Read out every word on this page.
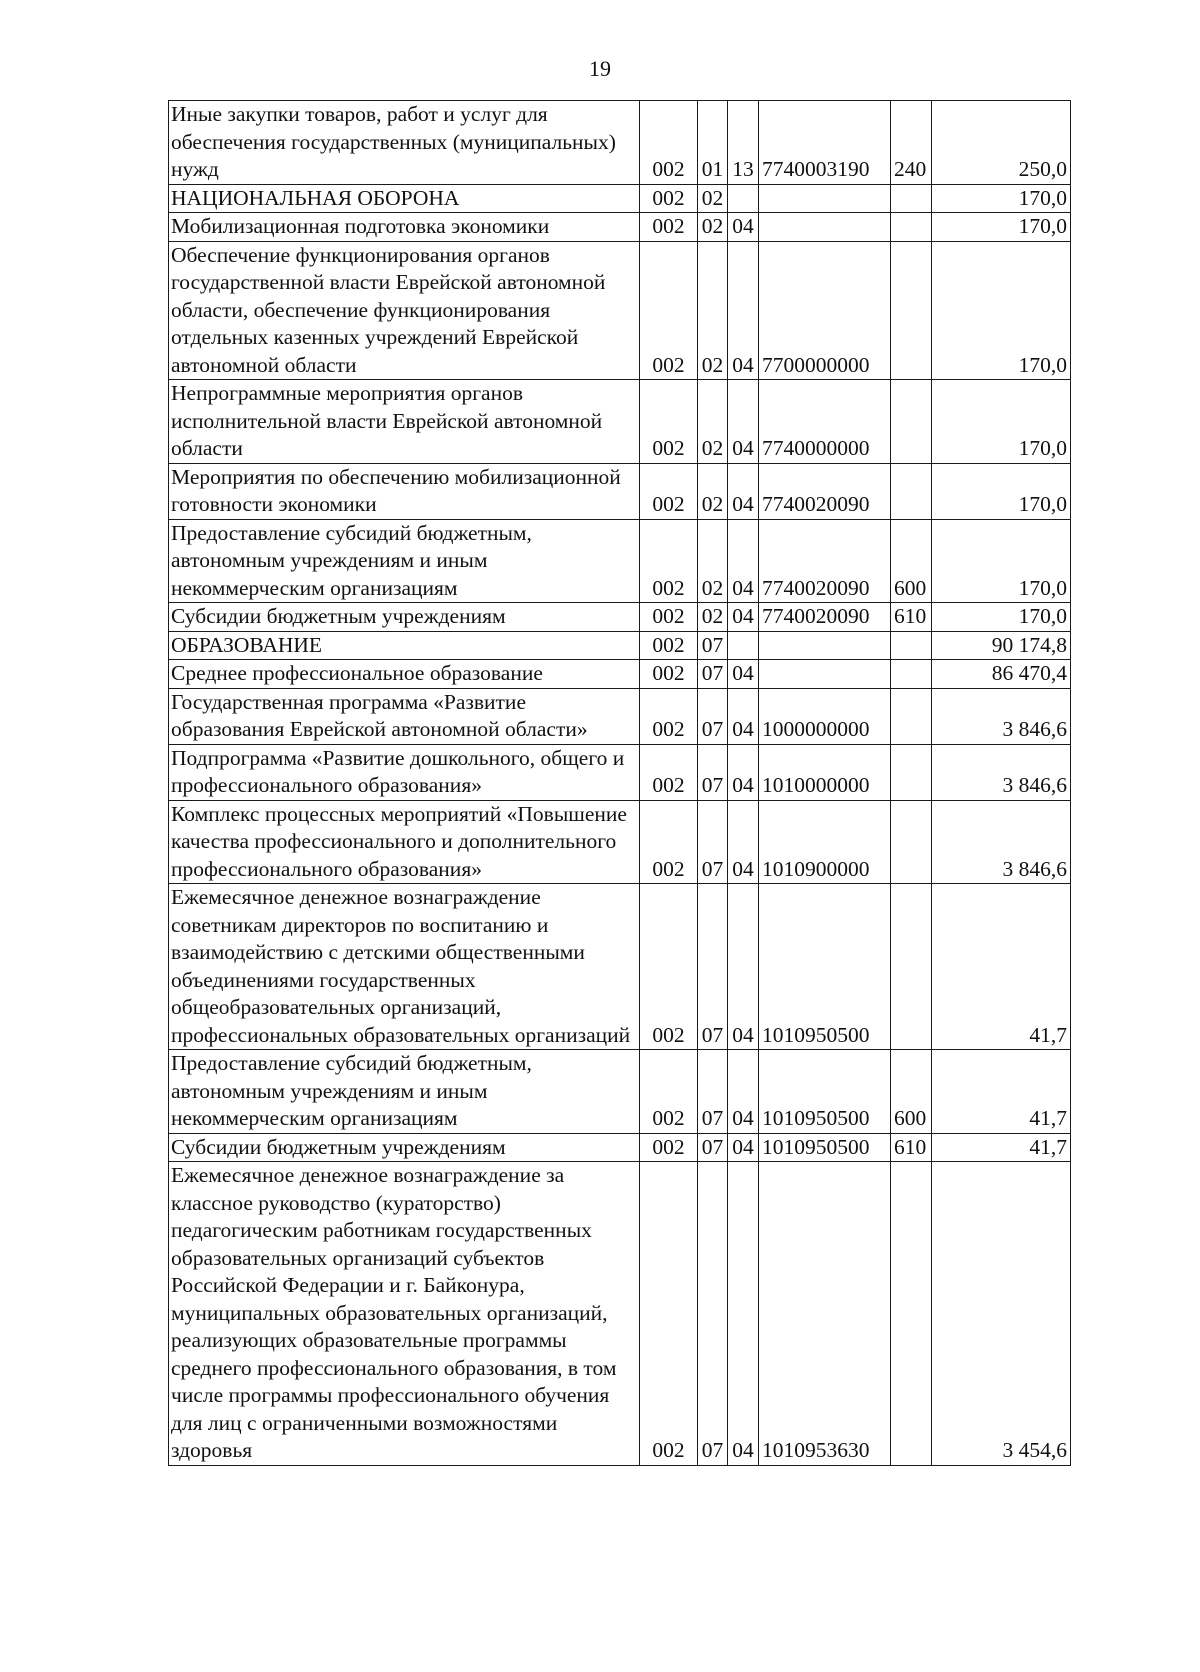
19
Иные закупки товаров, работ и услуг для обеспечения государственных (муниципальных) нужд	002	01	13	7740003190	240	250,0
НАЦИОНАЛЬНАЯ ОБОРОНА	002	02				170,0
Мобилизационная подготовка экономики	002	02	04			170,0
Обеспечение функционирования органов государственной власти Еврейской автономной области, обеспечение функционирования отдельных казенных учреждений Еврейской автономной области	002	02	04	7700000000		170,0
Непрограммные мероприятия органов исполнительной власти Еврейской автономной области	002	02	04	7740000000		170,0
Мероприятия по обеспечению мобилизационной готовности экономики	002	02	04	7740020090		170,0
Предоставление субсидий бюджетным, автономным учреждениям и иным некоммерческим организациям	002	02	04	7740020090	600	170,0
Субсидии бюджетным учреждениям	002	02	04	7740020090	610	170,0
ОБРАЗОВАНИЕ	002	07				90 174,8
Среднее профессиональное образование	002	07	04			86 470,4
Государственная программа «Развитие образования Еврейской автономной области»	002	07	04	1000000000		3 846,6
Подпрограмма «Развитие дошкольного, общего и профессионального образования»	002	07	04	1010000000		3 846,6
Комплекс процессных мероприятий «Повышение качества профессионального и дополнительного профессионального образования»	002	07	04	1010900000		3 846,6
Ежемесячное денежное вознаграждение советникам директоров по воспитанию и взаимодействию с детскими общественными объединениями государственных общеобразовательных организаций, профессиональных образовательных организаций	002	07	04	1010950500		41,7
Предоставление субсидий бюджетным, автономным учреждениям и иным некоммерческим организациям	002	07	04	1010950500	600	41,7
Субсидии бюджетным учреждениям	002	07	04	1010950500	610	41,7
Ежемесячное денежное вознаграждение за классное руководство (кураторство) педагогическим работникам государственных образовательных организаций субъектов Российской Федерации и г. Байконура, муниципальных образовательных организаций, реализующих образовательные программы среднего профессионального образования, в том числе программы профессионального обучения для лиц с ограниченными возможностями здоровья	002	07	04	1010953630		3 454,6
